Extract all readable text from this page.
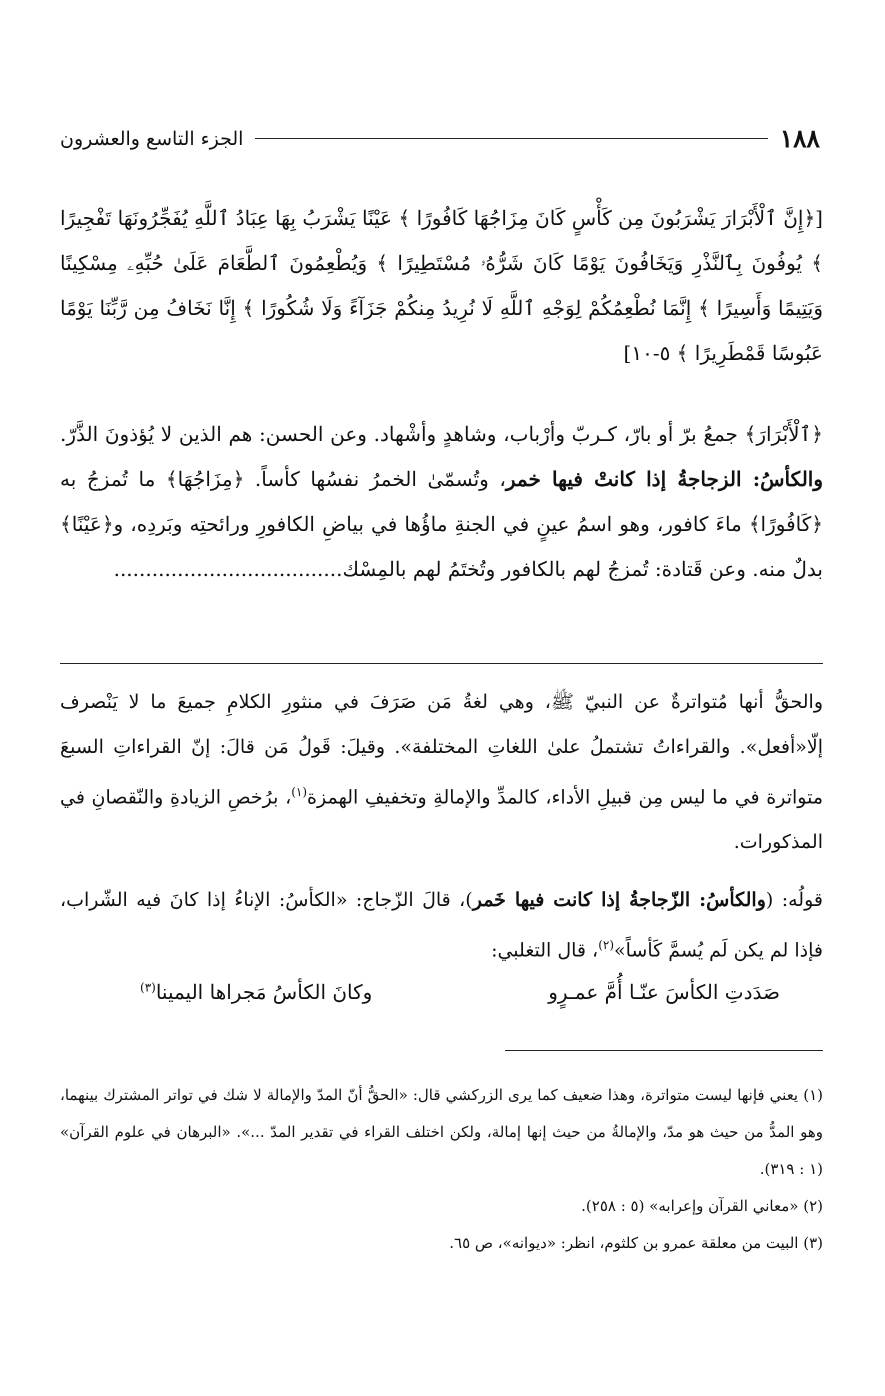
١٨٨
الجزء التاسع والعشرون
[﴿إِنَّ ٱلْأَبْرَارَ يَشْرَبُونَ مِن كَأْسٍ كَانَ مِزَاجُهَا كَافُورًا ﴾ عَيْنًا يَشْرَبُ بِهَا عِبَادُ ٱللَّهِ يُفَجِّرُونَهَا تَفْجِيرًا ﴾ يُوفُونَ بِٱلنَّذْرِ وَيَخَافُونَ يَوْمًا كَانَ شَرُّهُۥ مُسْتَطِيرًا ﴾ وَيُطْعِمُونَ ٱلطَّعَامَ عَلَىٰ حُبِّهِۦ مِسْكِينًا وَيَتِيمًا وَأَسِيرًا ﴾ إِنَّمَا نُطْعِمُكُمْ لِوَجْهِ ٱللَّهِ لَا نُرِيدُ مِنكُمْ جَزَآءً وَلَا شُكُورًا ﴾ إِنَّا نَخَافُ مِن رَّبِّنَا يَوْمًا عَبُوسًا قَمْطَرِيرًا ﴾ ٥-١٠]
﴿ٱلْأَبْرَارَ﴾ جمعُ برّ أو بارّ، كـربّ وأرْباب، وشاهدٍ وأشْهاد. وعن الحسن: هم الذين لا يُؤذونَ الذَّرّ. والكأسُ: الزجاجةُ إذا كانتْ فيها خمر، وتُسمّىٰ الخمرُ نفسُها كأساً. ﴿مِزَاجُهَا﴾ ما تُمزجُ به ﴿كَافُورًا﴾ ماءَ كافور، وهو اسمُ عينٍ في الجنةِ ماؤُها في بياضِ الكافورِ ورائحتِه وبَردِه، و﴿عَيْنًا﴾ بدلٌ منه. وعن قَتادة: تُمزجُ لهم بالكافور وتُختَمُ لهم بالمِسْك....................................
والحقُّ أنها مُتواترةٌ عن النبيّ ﷺ، وهي لغةُ مَن صَرَفَ في منثورِ الكلامِ جميعَ ما لا يَنْصرف إلّا«أفعل». والقراءاتُ تشتملُ علىٰ اللغاتِ المختلفة». وقيلَ: قَولُ مَن قالَ: إنّ القراءاتِ السبعَ متواترة في ما ليس مِن قبيلِ الأداء، كالمدِّ والإمالةِ وتخفيفِ الهمزة$^{(١)}$، برُخصِ الزيادةِ والنّقصانِ في المذكورات.
قولُه: (والكأسُ: الزّجاجةُ إذا كانت فيها خَمر)، قالَ الزّجاج: «الكأسُ: الإناءُ إذا كانَ فيه الشّراب، فإذا لم يكن لَم يُسمَّ كَأساً»$^{(٢)}$، قال التغلبي:
صَدَدتِ الكأسَ عنّـا أُمَّ عمـرٍو
وكانَ الكأسُ مَجراها اليمينا$^{(٣)}$

(١) يعني فإنها ليست متواترة، وهذا ضعيف كما يرى الزركشي قال: «الحقُّ أنّ المدّ والإمالة لا شك في تواتر المشترك بينهما، وهو المدُّ من حيث هو مدّ، والإمالةُ من حيث إنها إمالة، ولكن اختلف القراء في تقدير المدّ ...». «البرهان في علوم القرآن» (١ : ٣١٩).

(٢) «معاني القرآن وإعرابه» (٥ : ٢٥٨).

(٣) البيت من معلقة عمرو بن كلثوم، انظر: «ديوانه»، ص ٦٥.
